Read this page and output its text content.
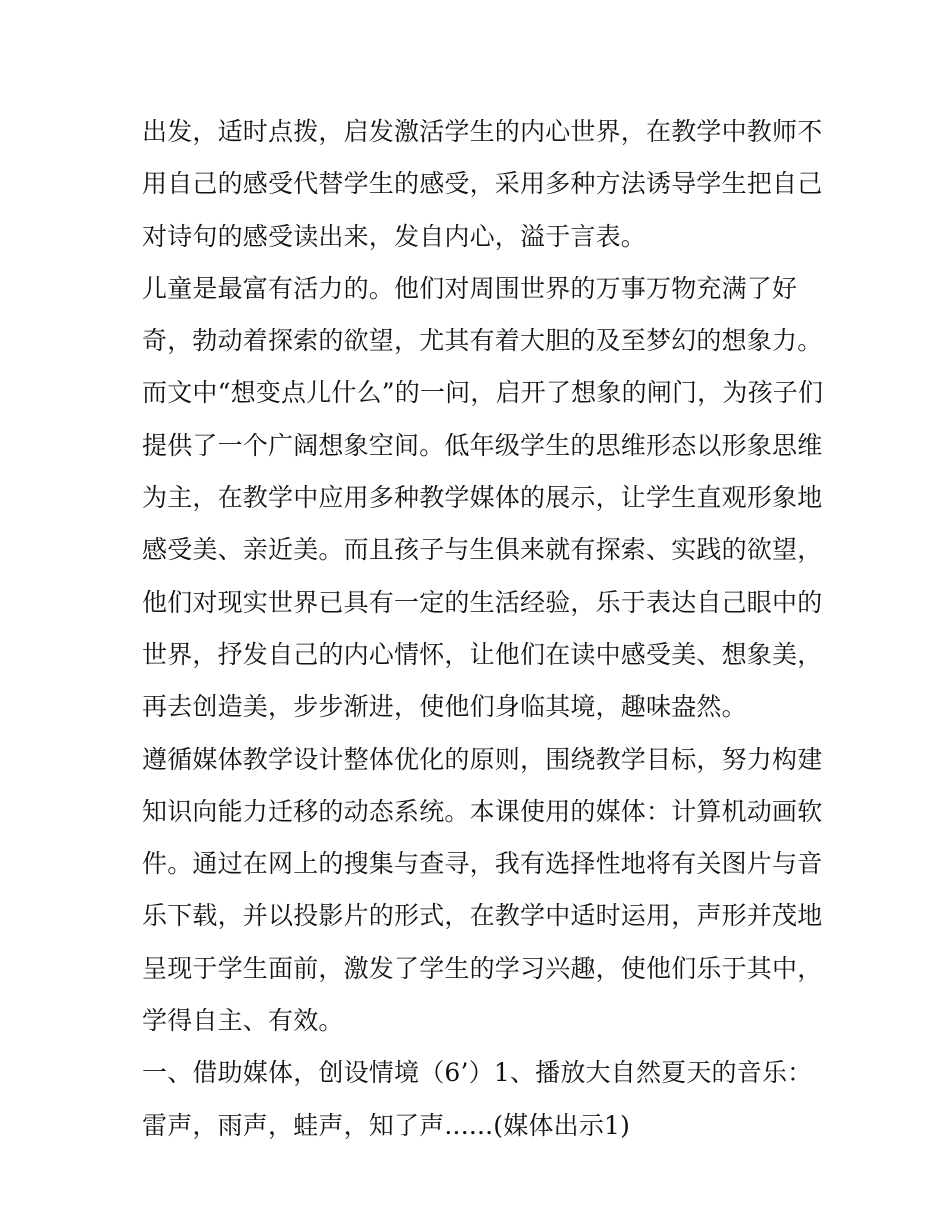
出发，适时点拨，启发激活学生的内心世界，在教学中教师不
用自己的感受代替学生的感受，采用多种方法诱导学生把自己
对诗句的感受读出来，发自内心，溢于言表。

儿童是最富有活力的。他们对周围世界的万事万物充满了好
奇，勃动着探索的欲望，尤其有着大胆的及至梦幻的想象力。
而文中“想变点儿什么”的一问，启开了想象的闸门，为孩子们
提供了一个广阔想象空间。低年级学生的思维形态以形象思维
为主，在教学中应用多种教学媒体的展示，让学生直观形象地
感受美、亲近美。而且孩子与生俱来就有探索、实践的欲望，
他们对现实世界已具有一定的生活经验，乐于表达自己眼中的
世界，抒发自己的内心情怀，让他们在读中感受美、想象美，
再去创造美，步步渐进，使他们身临其境，趣味盎然。

遵循媒体教学设计整体优化的原则，围绕教学目标，努力构建
知识向能力迁移的动态系统。本课使用的媒体：计算机动画软
件。通过在网上的搜集与查寻，我有选择性地将有关图片与音
乐下载，并以投影片的形式，在教学中适时运用，声形并茂地
呈现于学生面前，激发了学生的学习兴趣，使他们乐于其中，
学得自主、有效。

一、借助媒体，创设情境（6’）1、播放大自然夏天的音乐：
雷声，雨声，蛙声，知了声......(媒体出示1)
